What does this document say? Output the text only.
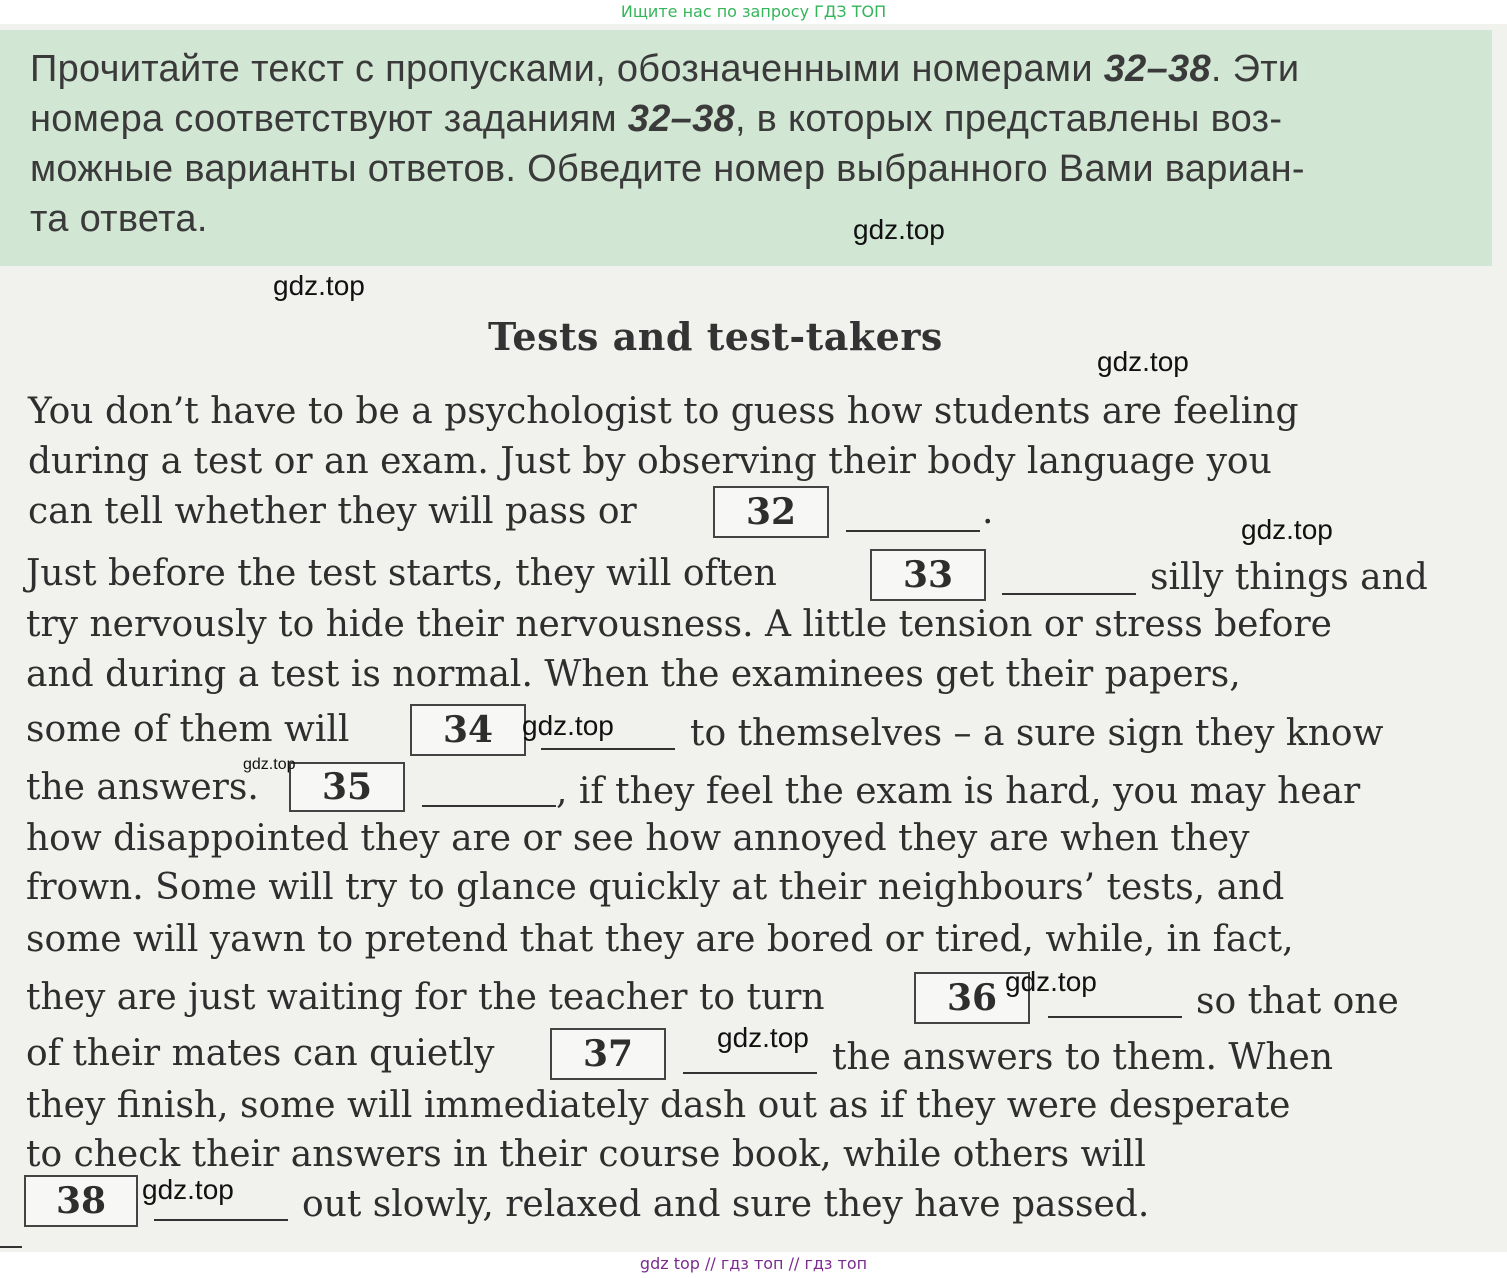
Ищите нас по запросу ГДЗ ТОП
Прочитайте текст с пропусками, обозначенными номерами 32–38. Эти
номера соответствуют заданиям 32–38, в которых представлены воз-
можные варианты ответов. Обведите номер выбранного Вами вариан-
та ответа.
Tests and test-takers
You don’t have to be a psychologist to guess how students are feeling
during a test or an exam. Just by observing their body language you
can tell whether they will pass or	32	.
Just before the test starts, they will often	33	silly things and
try nervously to hide their nervousness. A little tension or stress before
and during a test is normal. When the examinees get their papers,
some of them will	34	to themselves – a sure sign they know
the answers.	35	, if they feel the exam is hard, you may hear
how disappointed they are or see how annoyed they are when they
frown. Some will try to glance quickly at their neighbours’ tests, and
some will yawn to pretend that they are bored or tired, while, in fact,
they are just waiting for the teacher to turn	36	so that one
of their mates can quietly	37	the answers to them. When
they finish, some will immediately dash out as if they were desperate
to check their answers in their course book, while others will
38	out slowly, relaxed and sure they have passed.
gdz.top
gdz.top
gdz.top
gdz.top
gdz.top
gdz.top
gdz.top
gdz.top
gdz.top
gdz top // гдз топ // гдз топ
